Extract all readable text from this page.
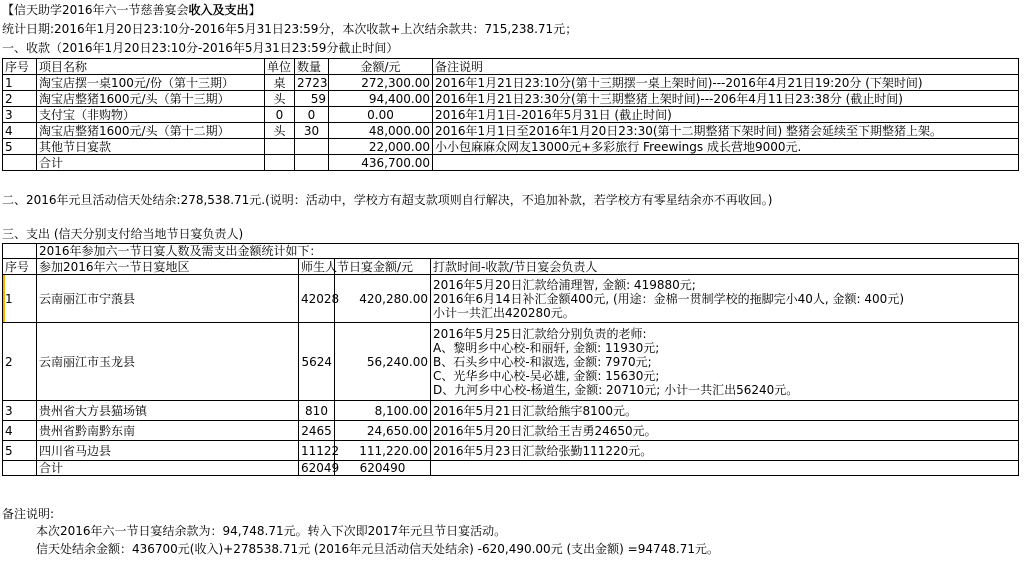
【信天助学2016年六一节慈善宴会收入及支出】
统计日期:2016年1月20日23:10分-2016年5月31日23:59分，本次收款+上次结余款共：715,238.71元；
一、收款（2016年1月20日23:10分-2016年5月31日23:59分截止时间）
序号	项目名称	单位	数量	金额/元	备注说明
1	淘宝店摆一桌100元/份（第十三期）	桌	2723	272,300.00	2016年1月21日23:10分(第十三期摆一桌上架时间)---2016年4月21日19:20分 (下架时间)
2	淘宝店整猪1600元/头（第十三期）	头	59	94,400.00	2016年1月21日23:30分(第十三期整猪上架时间)---206年4月11日23:38分 (截止时间)
3	支付宝（非购物）	0	0	0.00	2016年1月1日-2016年5月31日 (截止时间)
4	淘宝店整猪1600元/头（第十二期）	头	30	48,000.00	2016年1月1日至2016年1月20日23:30(第十二期整猪下架时间) 整猪会延续至下期整猪上架。
5	其他节日宴款			22,000.00	小小包麻麻众网友13000元+多彩旅行 Freewings 成长营地9000元.
	合计			436,700.00	
二、2016年元旦活动信天处结余:278,538.71元.(说明：活动中，学校方有超支款项则自行解决，不追加补款，若学校方有零星结余亦不再收回。)
三、支出 (信天分别支付给当地节日宴负责人)
	2016年参加六一节日宴人数及需支出金额统计如下：			
序号	参加2016年六一节日宴地区	师生人	节日宴金额/元	打款时间-收款/节日宴会负责人
1	云南丽江市宁蒗县	42028	420,280.00	2016年5月20日汇款给浦理智, 金额: 419880元;
2016年6月14日补汇金额400元, (用途：金棉一贯制学校的拖脚完小40人, 金额: 400元)
小计一共汇出420280元。
2	云南丽江市玉龙县	5624	56,240.00	2016年5月25日汇款给分别负责的老师:
A、黎明乡中心校-和丽轩, 金额: 11930元;
B、石头乡中心校-和淑选, 金额: 7970元;
C、光华乡中心校-吴必雄, 金额: 15630元;
D、九河乡中心校-杨道生, 金额: 20710元; 小计一共汇出56240元。
3	贵州省大方县猫场镇	810	8,100.00	2016年5月21日汇款给熊宇8100元。
4	贵州省黔南黔东南	2465	24,650.00	2016年5月20日汇款给王吉勇24650元。
5	四川省马边县	11122	111,220.00	2016年5月23日汇款给张勤111220元。
	合计	62049	620490	
备注说明:
本次2016年六一节日宴结余款为：94,748.71元。转入下次即2017年元旦节日宴活动。
信天处结余金额：436700元(收入)+278538.71元 (2016年元旦活动信天处结余) -620,490.00元 (支出金额) =94748.71元。
